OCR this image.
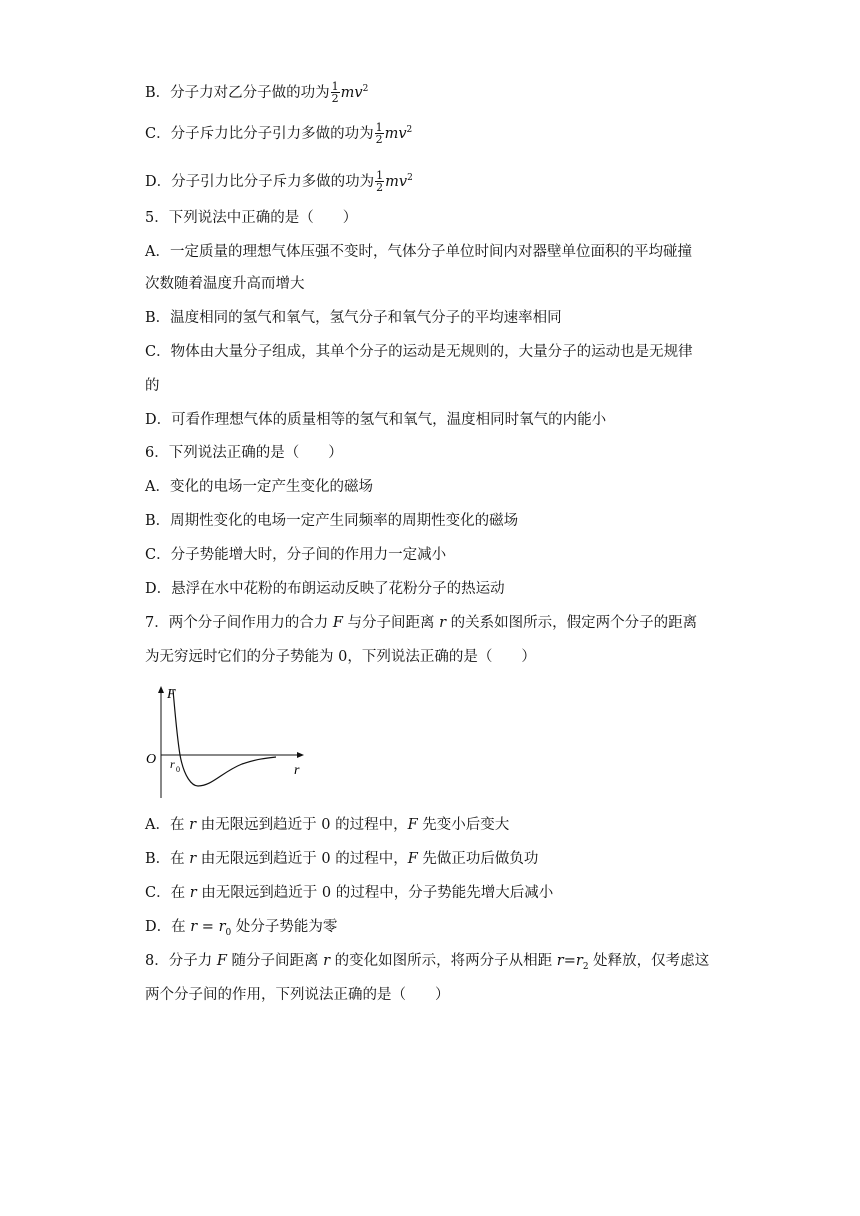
B．分子力对乙分子做的功为 $\frac{1}{2} mv^2$
C．分子斥力比分子引力多做的功为 $\frac{1}{2} mv^2$
D．分子引力比分子斥力多做的功为 $\frac{1}{2} mv^2$
5．下列说法中正确的是（　　）
A．一定质量的理想气体压强不变时，气体分子单位时间内对器壁单位面积的平均碰撞
次数随着温度升高而增大
B．温度相同的氢气和氧气，氢气分子和氧气分子的平均速率相同
C．物体由大量分子组成，其单个分子的运动是无规则的，大量分子的运动也是无规律
的
D．可看作理想气体的质量相等的氢气和氧气，温度相同时氧气的内能小
6．下列说法正确的是（　　）
A．变化的电场一定产生变化的磁场
B．周期性变化的电场一定产生同频率的周期性变化的磁场
C．分子势能增大时，分子间的作用力一定减小
D．悬浮在水中花粉的布朗运动反映了花粉分子的热运动
7．两个分子间作用力的合力 F 与分子间距离 r 的关系如图所示，假定两个分子的距离
为无穷远时它们的分子势能为 0，下列说法正确的是（　　）
F
r
O r 0
A．在 r 由无限远到趋近于 0 的过程中，F 先变小后变大
B．在 r 由无限远到趋近于 0 的过程中，F 先做正功后做负功
C．在 r 由无限远到趋近于 0 的过程中，分子势能先增大后减小
D．在 $r = r_0$ 处分子势能为零
8．分子力 F 随分子间距离 r 的变化如图所示，将两分子从相距 $r=r_2$ 处释放，仅考虑这
两个分子间的作用，下列说法正确的是（　　）
